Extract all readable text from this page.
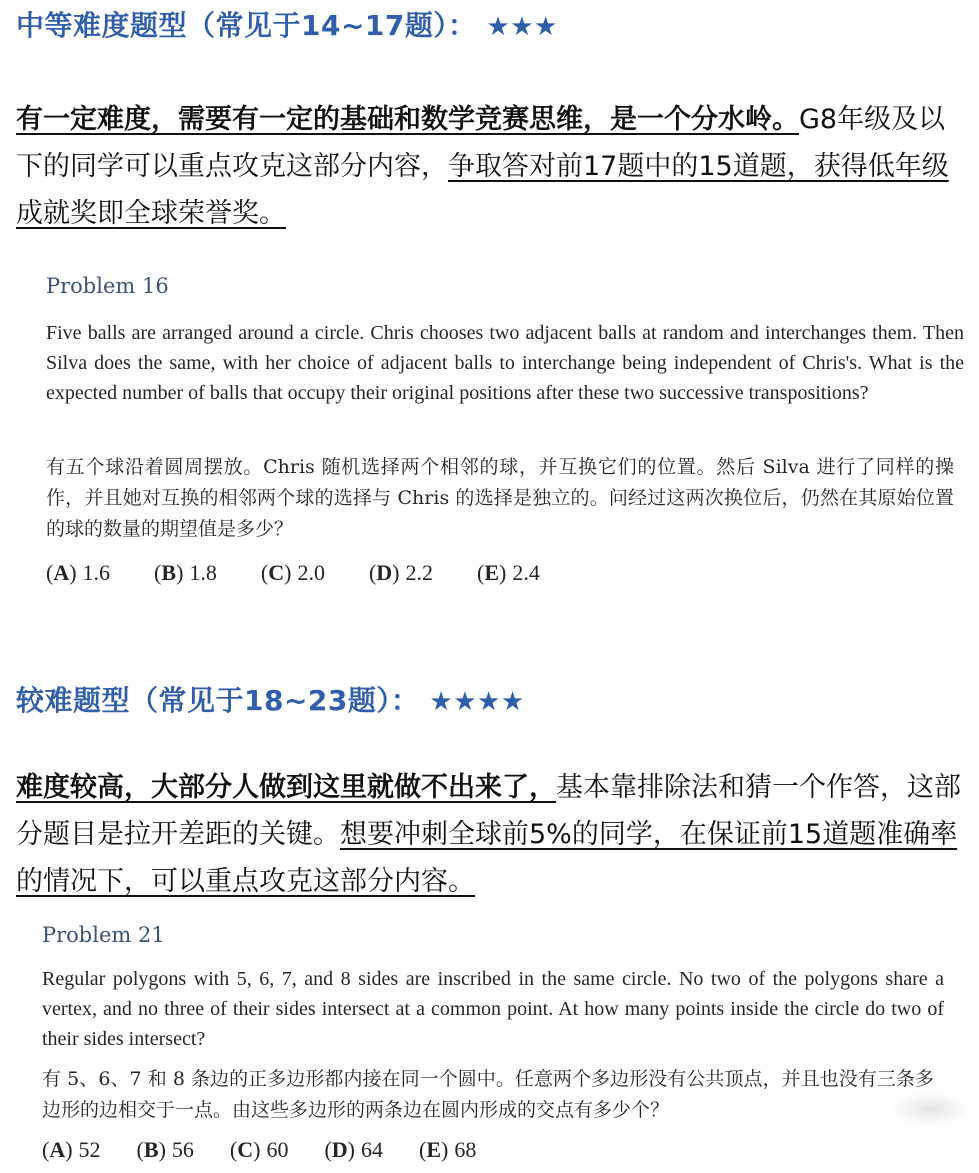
中等难度题型（常见于14~17题）： ★★★
有一定难度，需要有一定的基础和数学竞赛思维，是一个分水岭。G8年级及以下的同学可以重点攻克这部分内容，争取答对前17题中的15道题，获得低年级成就奖即全球荣誉奖。
Problem 16
Five balls are arranged around a circle. Chris chooses two adjacent balls at random and interchanges them. Then Silva does the same, with her choice of adjacent balls to interchange being independent of Chris's. What is the expected number of balls that occupy their original positions after these two successive transpositions?
有五个球沿着圆周摆放。Chris 随机选择两个相邻的球，并互换它们的位置。然后 Silva 进行了同样的操作，并且她对互换的相邻两个球的选择与 Chris 的选择是独立的。问经过这两次换位后，仍然在其原始位置的球的数量的期望值是多少？
( A ) 1.6	( B ) 1.8	( C ) 2.0	( D ) 2.2	( E ) 2.4
较难题型（常见于18~23题）： ★★★★
难度较高，大部分人做到这里就做不出来了，基本靠排除法和猜一个作答，这部分题目是拉开差距的关键。想要冲刺全球前5%的同学，在保证前15道题准确率的情况下，可以重点攻克这部分内容。
Problem 21
Regular polygons with 5, 6, 7, and 8 sides are inscribed in the same circle. No two of the polygons share a vertex, and no three of their sides intersect at a common point. At how many points inside the circle do two of their sides intersect?
有 5、6、7 和 8 条边的正多边形都内接在同一个圆中。任意两个多边形没有公共顶点，并且也没有三条多边形的边相交于一点。由这些多边形的两条边在圆内形成的交点有多少个？
( A ) 52	( B ) 56	( C ) 60	( D ) 64	( E ) 68
